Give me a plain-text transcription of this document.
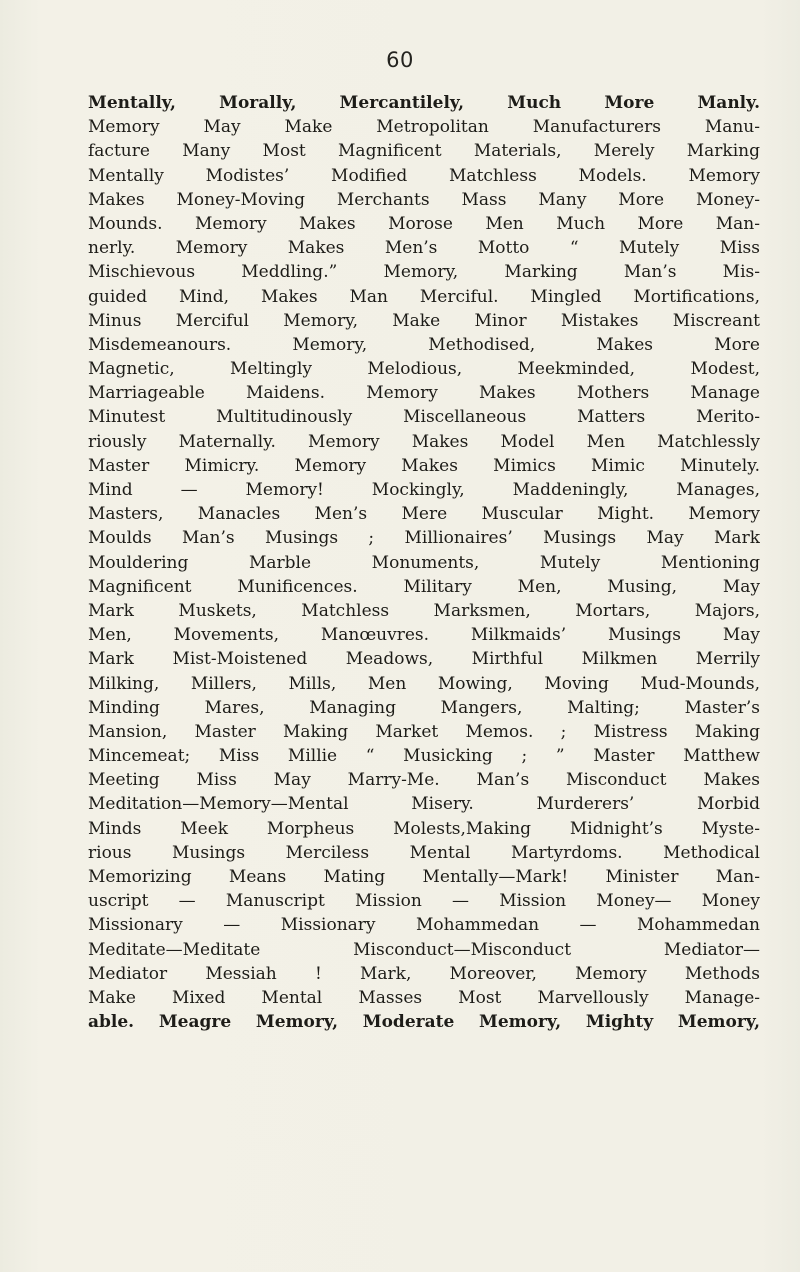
60
Mentally, Morally, Mercantilely, Much More Manly.
Memory May Make Metropolitan Manufacturers Manu-
facture Many Most Magnificent Materials, Merely Marking
Mentally Modistes’ Modified Matchless Models. Memory
Makes Money-Moving Merchants Mass Many More Money-
Mounds. Memory Makes Morose Men Much More Man-
nerly. Memory Makes Men’s Motto “ Mutely Miss
Mischievous Meddling.” Memory, Marking Man’s Mis-
guided Mind, Makes Man Merciful. Mingled Mortifications,
Minus Merciful Memory, Make Minor Mistakes Miscreant
Misdemeanours. Memory, Methodised, Makes More
Magnetic, Meltingly Melodious, Meekminded, Modest,
Marriageable Maidens. Memory Makes Mothers Manage
Minutest Multitudinously Miscellaneous Matters Merito-
riously Maternally. Memory Makes Model Men Matchlessly
Master Mimicry. Memory Makes Mimics Mimic Minutely.
Mind — Memory! Mockingly, Maddeningly, Manages,
Masters, Manacles Men’s Mere Muscular Might. Memory
Moulds Man’s Musings ; Millionaires’ Musings May Mark
Mouldering Marble Monuments, Mutely Mentioning
Magnificent Munificences. Military Men, Musing, May
Mark Muskets, Matchless Marksmen, Mortars, Majors,
Men, Movements, Manœuvres. Milkmaids’ Musings May
Mark Mist-Moistened Meadows, Mirthful Milkmen Merrily
Milking, Millers, Mills, Men Mowing, Moving Mud-Mounds,
Minding Mares, Managing Mangers, Malting; Master’s
Mansion, Master Making Market Memos. ; Mistress Making
Mincemeat; Miss Millie “ Musicking ; ” Master Matthew
Meeting Miss May Marry-Me. Man’s Misconduct Makes
Meditation—Memory—Mental Misery. Murderers’ Morbid
Minds Meek Morpheus Molests,Making Midnight’s Myste-
rious Musings Merciless Mental Martyrdoms. Methodical
Memorizing Means Mating Mentally—Mark! Minister Man-
uscript — Manuscript Mission — Mission Money— Money
Missionary — Missionary Mohammedan — Mohammedan
Meditate—Meditate Misconduct—Misconduct Mediator—
Mediator Messiah ! Mark, Moreover, Memory Methods
Make Mixed Mental Masses Most Marvellously Manage-
able. Meagre Memory, Moderate Memory, Mighty Memory,
